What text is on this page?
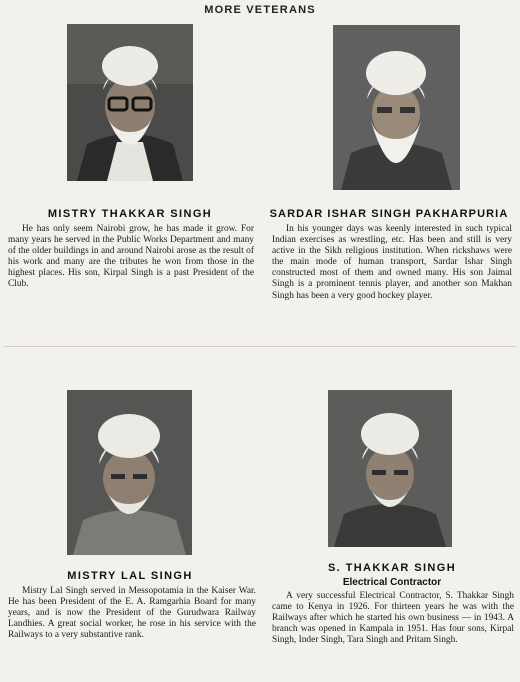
MORE VETERANS
MISTRY THAKKAR SINGH

He has only seem Nairobi grow, he has made it grow. For many years he served in the Public Works Department and many of the older buildings in and around Nairobi arose as the result of his work and many are the tributes he won from those in the highest places. His son, Kirpal Singh is a past President of the Club.

SARDAR ISHAR SINGH PAKHARPURIA

In his younger days was keenly interested in such typical Indian exercises as wrestling, etc. Has been and still is very active in the Sikh religious institution. When rickshaws were the main mode of human transport, Sardar Ishar Singh constructed most of them and owned many. His son Jaimal Singh is a prominent tennis player, and another son Makhan Singh has been a very good hockey player.

MISTRY LAL SINGH

Mistry Lal Singh served in Messopotamia in the Kaiser War. He has been President of the E. A. Ramgarhia Board for many years, and is now the President of the Gurudwara Railway Landhies. A great social worker, he rose in his service with the Railways to a very substantive rank.

S. THAKKAR SINGH
Electrical Contractor

A very successful Electrical Contractor, S. Thakkar Singh came to Kenya in 1926. For thirteen years he was with the Railways after which he started his own business — in 1943. A branch was opened in Kampala in 1951. Has four sons, Kirpal Singh, Inder Singh, Tara Singh and Pritam Singh.
